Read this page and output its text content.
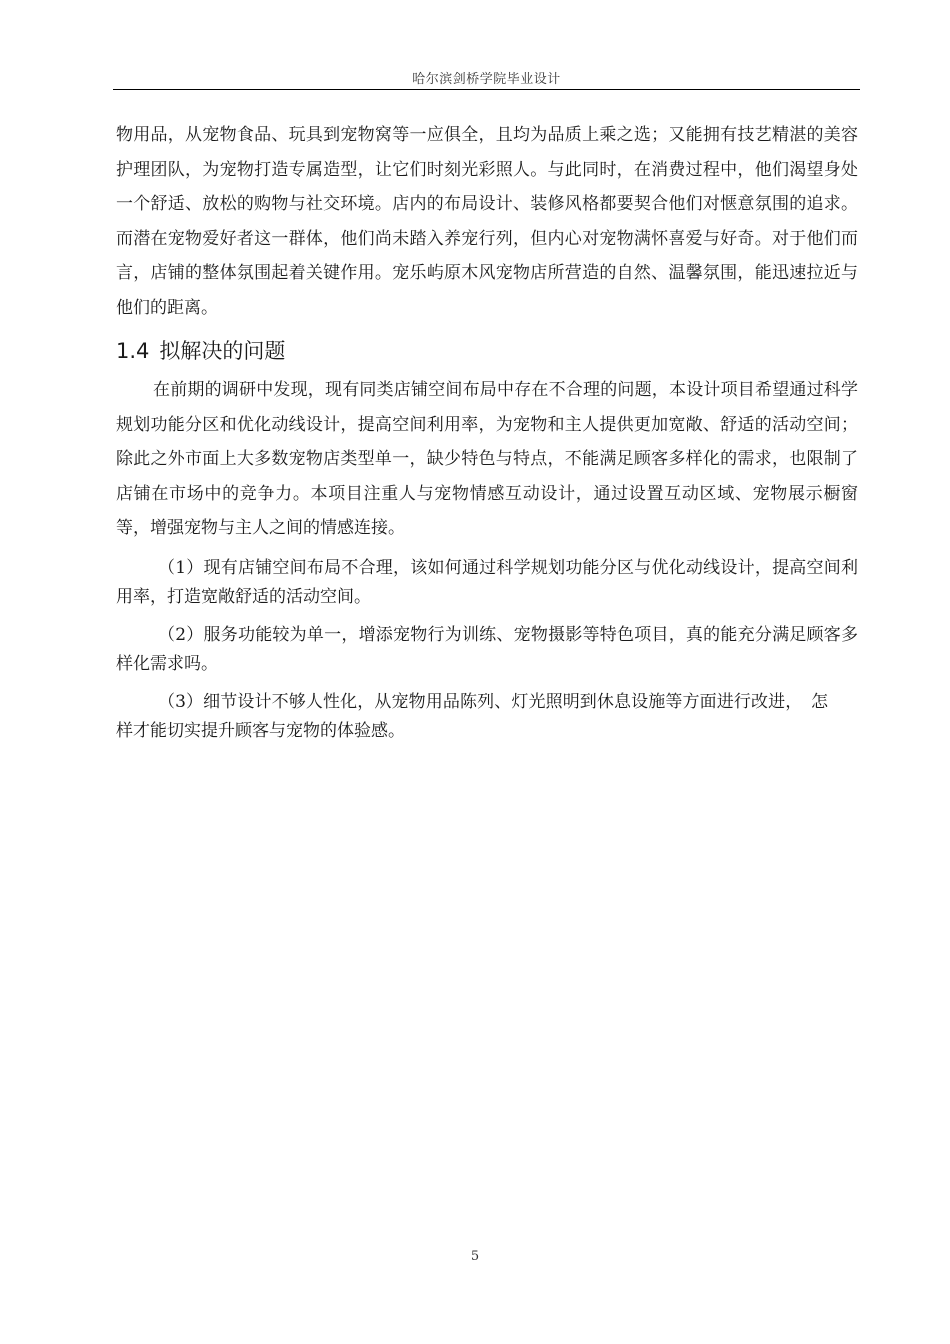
哈尔滨剑桥学院毕业设计

物用品，从宠物食品、玩具到宠物窝等一应俱全，且均为品质上乘之选；又能拥有技艺精湛的美容护理团队，为宠物打造专属造型，让它们时刻光彩照人。与此同时，在消费过程中，他们渴望身处一个舒适、放松的购物与社交环境。店内的布局设计、装修风格都要契合他们对惬意氛围的追求。而潜在宠物爱好者这一群体，他们尚未踏入养宠行列，但内心对宠物满怀喜爱与好奇。对于他们而言，店铺的整体氛围起着关键作用。宠乐屿原木风宠物店所营造的自然、温馨氛围，能迅速拉近与他们的距离。

1.4 拟解决的问题

在前期的调研中发现，现有同类店铺空间布局中存在不合理的问题，本设计项目希望通过科学规划功能分区和优化动线设计，提高空间利用率，为宠物和主人提供更加宽敞、舒适的活动空间；除此之外市面上大多数宠物店类型单一，缺少特色与特点，不能满足顾客多样化的需求，也限制了店铺在市场中的竞争力。本项目注重人与宠物情感互动设计，通过设置互动区域、宠物展示橱窗等，增强宠物与主人之间的情感连接。

（1）现有店铺空间布局不合理，该如何通过科学规划功能分区与优化动线设计，提高空间利用率，打造宽敞舒适的活动空间。

（2）服务功能较为单一，增添宠物行为训练、宠物摄影等特色项目，真的能充分满足顾客多样化需求吗。

（3）细节设计不够人性化，从宠物用品陈列、灯光照明到休息设施等方面进行改进，　怎样才能切实提升顾客与宠物的体验感。

5
